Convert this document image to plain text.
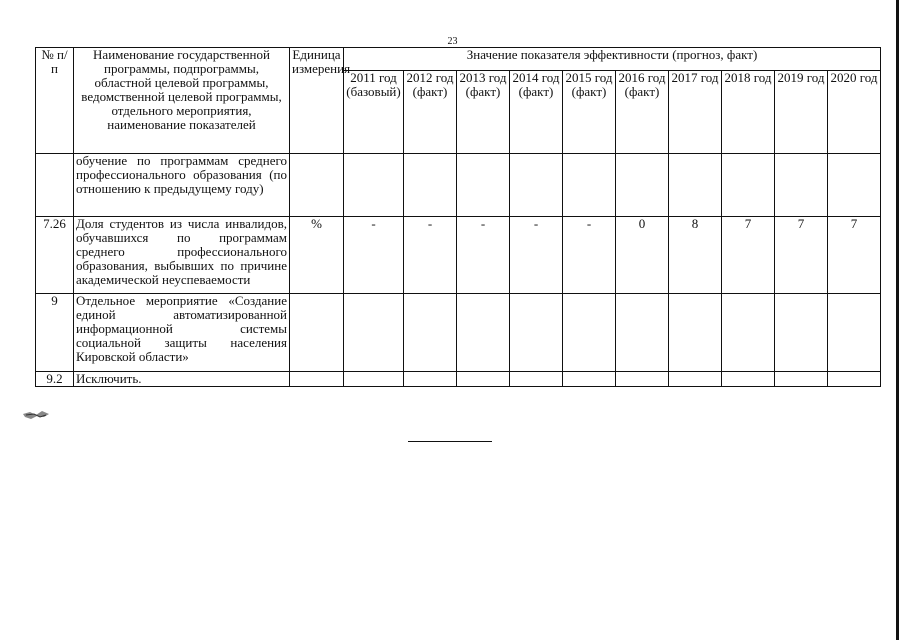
23
№ п/п	Наименование государственной программы, подпрограммы, областной целевой программы, ведомственной целевой программы, отдельного мероприятия, наименование показателей	Единица измерения	Значение показателя эффективности (прогноз, факт)									
			2011 год (базовый)	2012 год (факт)	2013 год (факт)	2014 год (факт)	2015 год (факт)	2016 год (факт)	2017 год	2018 год	2019 год	2020 год
	обучение по программам среднего профессионального образования (по отношению к предыдущему году)											
7.26	Доля студентов из числа инвалидов, обучавшихся по программам среднего профессионального образования, выбывших по причине академической неуспеваемости	%	-	-	-	-	-	0	8	7	7	7
9	Отдельное мероприятие «Создание единой автоматизированной информационной системы социальной защиты населения Кировской области»											
9.2	Исключить.											
